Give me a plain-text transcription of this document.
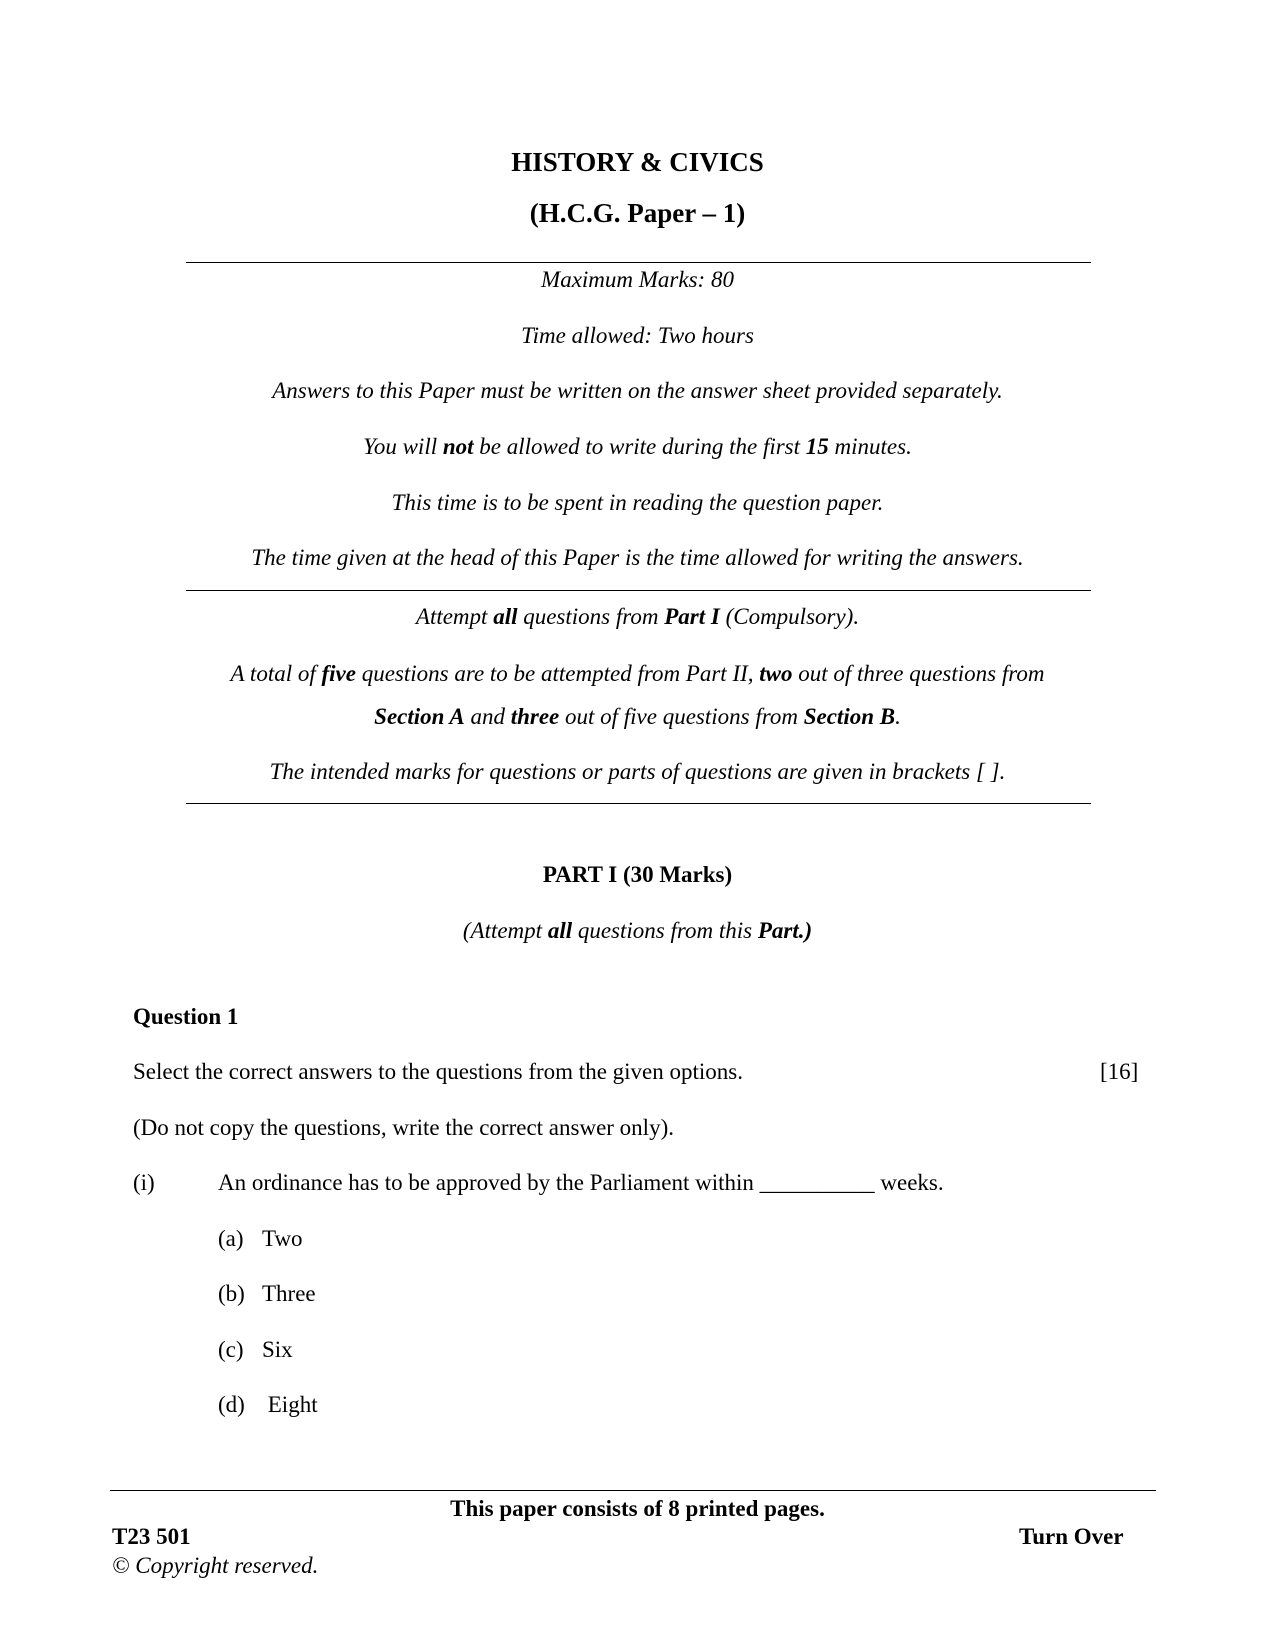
HISTORY & CIVICS
(H.C.G. Paper – 1)
Maximum Marks: 80
Time allowed: Two hours
Answers to this Paper must be written on the answer sheet provided separately.
You will not be allowed to write during the first 15 minutes.
This time is to be spent in reading the question paper.
The time given at the head of this Paper is the time allowed for writing the answers.
Attempt all questions from Part I (Compulsory).
A total of five questions are to be attempted from Part II, two out of three questions from
Section A and three out of five questions from Section B.
The intended marks for questions or parts of questions are given in brackets [ ].
PART I (30 Marks)
(Attempt all questions from this Part.)
Question 1
Select the correct answers to the questions from the given options.	[16]
(Do not copy the questions, write the correct answer only).
(i)	An ordinance has to be approved by the Parliament within __________ weeks.
(a) Two
(b) Three
(c) Six
(d) Eight
This paper consists of 8 printed pages.
T23 501	Turn Over
© Copyright reserved.
